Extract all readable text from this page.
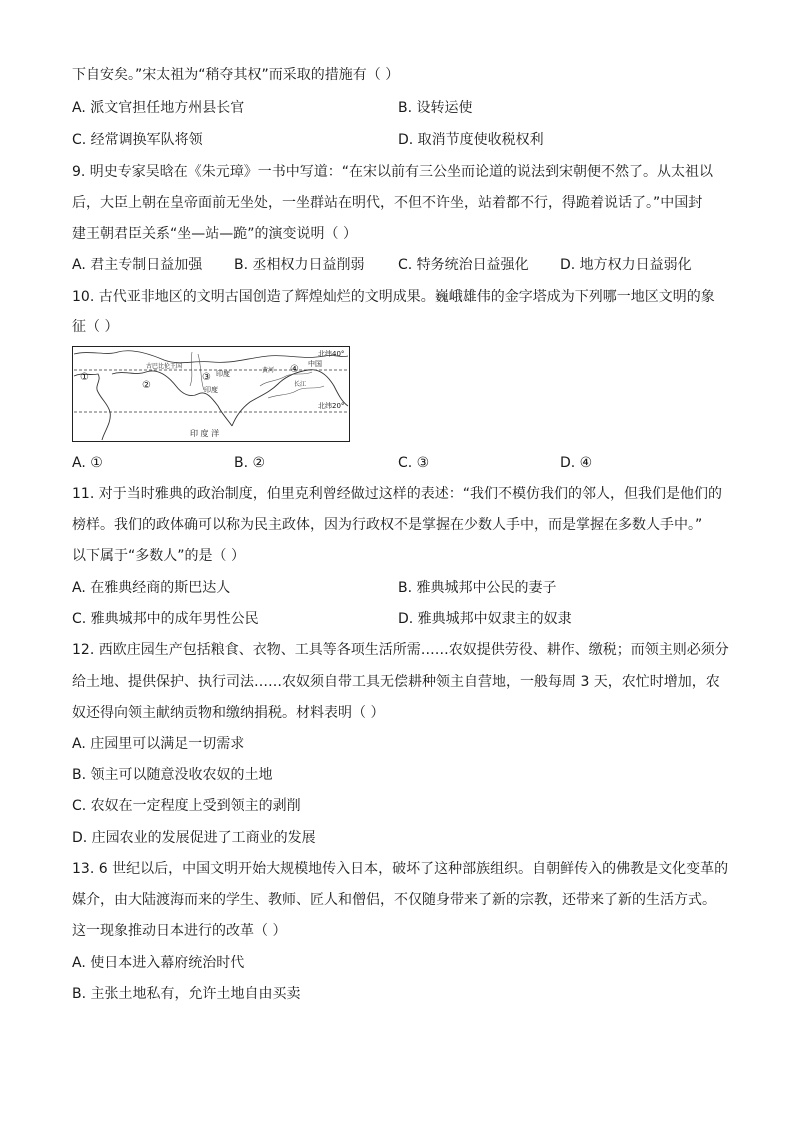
下自安矣。”宋太祖为“稍夺其权”而采取的措施有（ ）
A. 派文官担任地方州县长官	B. 设转运使
C. 经常调换军队将领	D. 取消节度使收税权利
9. 明史专家吴晗在《朱元璋》一书中写道：“在宋以前有三公坐而论道的说法到宋朝便不然了。从太祖以
后，大臣上朝在皇帝面前无坐处，一坐群站在明代，不但不许坐，站着都不行，得跪着说话了。”中国封
建王朝君臣关系“坐—站—跪”的演变说明（ ）
A. 君主专制日益加强 B. 丞相权力日益削弱 C. 特务统治日益强化 D. 地方权力日益弱化
10. 古代亚非地区的文明古国创造了辉煌灿烂的文明成果。巍峨雄伟的金字塔成为下列哪一地区文明的象
征（ ）
北纬40°
北纬20°
古巴比伦王国	中国
印度	黄河
长江
印度
印 度 洋
①
②
③
④
A. ①	B. ②	C. ③	D. ④
11. 对于当时雅典的政治制度，伯里克利曾经做过这样的表述：“我们不模仿我们的邻人，但我们是他们的
榜样。我们的政体确可以称为民主政体，因为行政权不是掌握在少数人手中，而是掌握在多数人手中。”
以下属于“多数人”的是（ ）
A. 在雅典经商的斯巴达人	B. 雅典城邦中公民的妻子
C. 雅典城邦中的成年男性公民	D. 雅典城邦中奴隶主的奴隶
12. 西欧庄园生产包括粮食、衣物、工具等各项生活所需……农奴提供劳役、耕作、缴税；而领主则必须分
给土地、提供保护、执行司法……农奴须自带工具无偿耕种领主自营地，一般每周 3 天，农忙时增加，农
奴还得向领主献纳贡物和缴纳捐税。材料表明（ ）
A. 庄园里可以满足一切需求
B. 领主可以随意没收农奴的土地
C. 农奴在一定程度上受到领主的剥削
D. 庄园农业的发展促进了工商业的发展
13. 6 世纪以后，中国文明开始大规模地传入日本，破坏了这种部族组织。自朝鲜传入的佛教是文化变革的
媒介，由大陆渡海而来的学生、教师、匠人和僧侣，不仅随身带来了新的宗教，还带来了新的生活方式。
这一现象推动日本进行的改革（ ）
A. 使日本进入幕府统治时代
B. 主张土地私有，允许土地自由买卖
